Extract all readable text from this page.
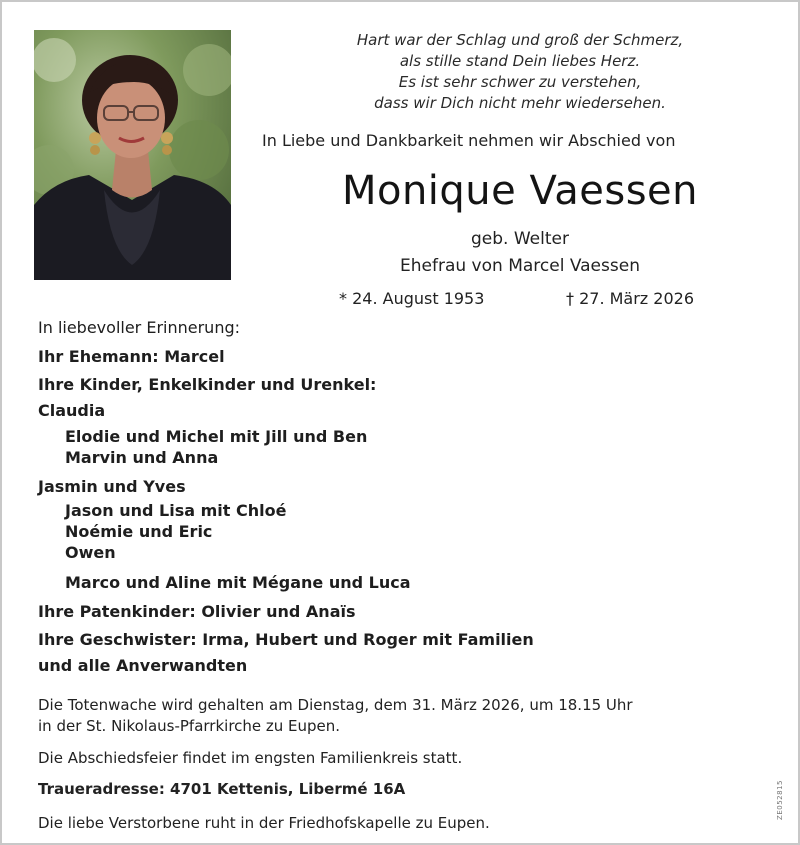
Hart war der Schlag und groß der Schmerz,
als stille stand Dein liebes Herz.
Es ist sehr schwer zu verstehen,
dass wir Dich nicht mehr wiedersehen.
In Liebe und Dankbarkeit nehmen wir Abschied von
Monique Vaessen
geb. Welter
Ehefrau von Marcel Vaessen
* 24. August 1953	† 27. März 2026
In liebevoller Erinnerung:
Ihr Ehemann: Marcel
Ihre Kinder, Enkelkinder und Urenkel:
Claudia
Elodie und Michel mit Jill und Ben
Marvin und Anna
Jasmin und Yves
Jason und Lisa mit Chloé
Noémie und Eric
Owen
Marco und Aline mit Mégane und Luca
Ihre Patenkinder: Olivier und Anaïs
Ihre Geschwister: Irma, Hubert und Roger mit Familien
und alle Anverwandten
Die Totenwache wird gehalten am Dienstag, dem 31. März 2026, um 18.15 Uhr
in der St. Nikolaus-Pfarrkirche zu Eupen.
Die Abschiedsfeier findet im engsten Familienkreis statt.
Traueradresse: 4701 Kettenis, Libermé 16A
Die liebe Verstorbene ruht in der Friedhofskapelle zu Eupen.
ZE052815
